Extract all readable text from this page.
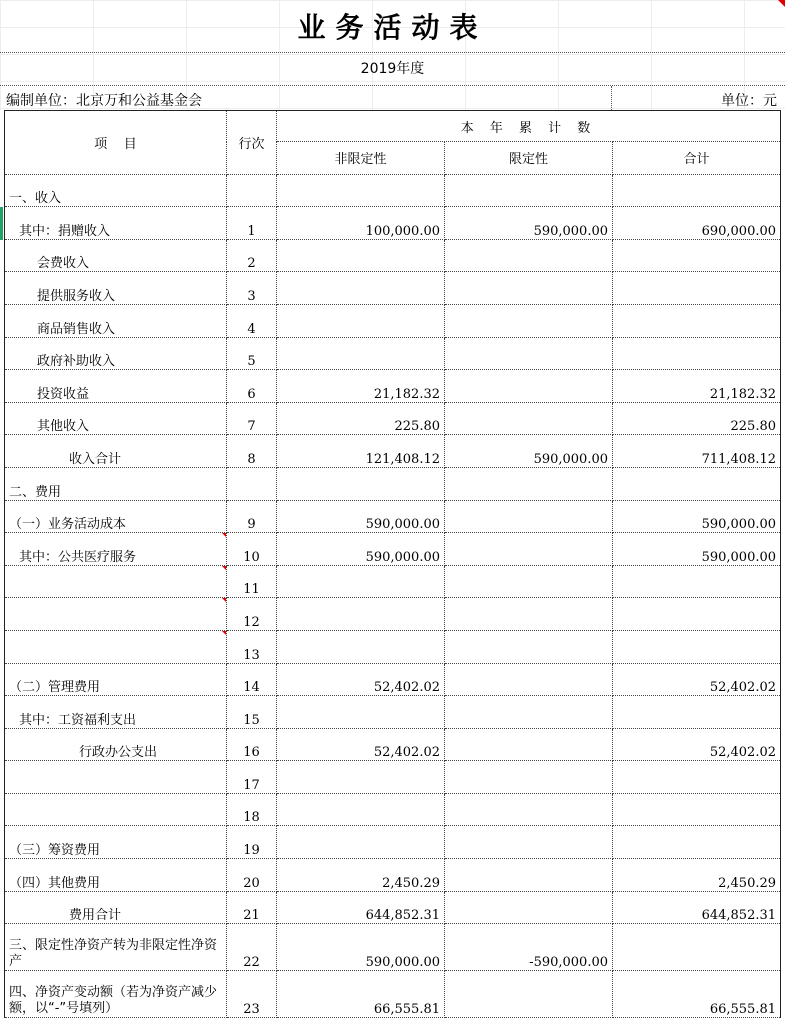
业务活动表
2019年度
编制单位：北京万和公益基金会	单位：元
项    目	行次	本 年 累 计 数		
		非限定性	限定性	合计
一、收入				
其中：捐赠收入	1	100,000.00	590,000.00	690,000.00
会费收入	2			
提供服务收入	3			
商品销售收入	4			
政府补助收入	5			
投资收益	6	21,182.32		21,182.32
其他收入	7	225.80		225.80
收入合计	8	121,408.12	590,000.00	711,408.12
二、费用				
（一）业务活动成本	9	590,000.00		590,000.00
其中：公共医疗服务	10	590,000.00		590,000.00
	11			
	12			
	13			
（二）管理费用	14	52,402.02		52,402.02
其中：工资福利支出	15			
行政办公支出	16	52,402.02		52,402.02
	17			
	18			
（三）筹资费用	19			
（四）其他费用	20	2,450.29		2,450.29
费用合计	21	644,852.31		644,852.31
三、限定性净资产转为非限定性净资产	22	590,000.00	-590,000.00	
四、净资产变动额（若为净资产减少额，以“-”号填列）	23	66,555.81		66,555.81
